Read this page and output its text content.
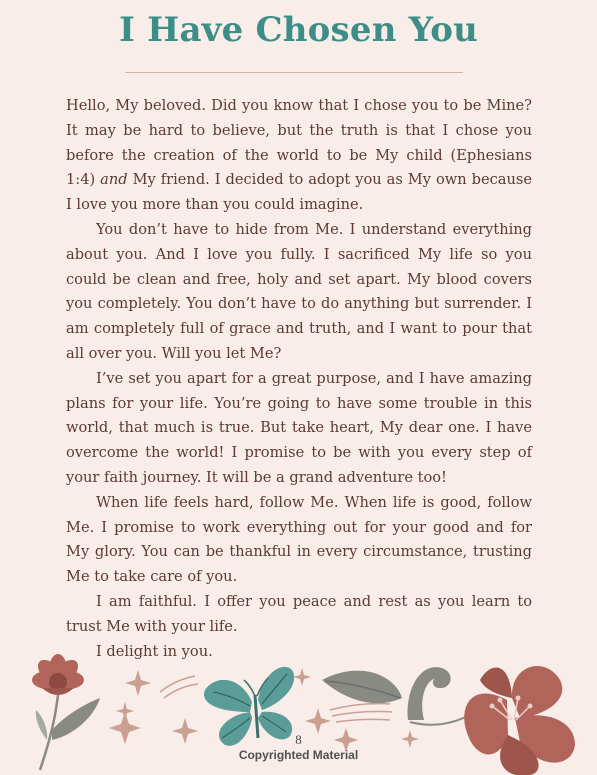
I Have Chosen You

Hello, My beloved. Did you know that I chose you to be Mine? It may be hard to believe, but the truth is that I chose you before the creation of the world to be My child (Ephesians 1:4) and My friend. I decided to adopt you as My own because I love you more than you could imagine.

You don’t have to hide from Me. I understand everything about you. And I love you fully. I sacrificed My life so you could be clean and free, holy and set apart. My blood covers you completely. You don’t have to do anything but surrender. I am completely full of grace and truth, and I want to pour that all over you. Will you let Me?

I’ve set you apart for a great purpose, and I have amazing plans for your life. You’re going to have some trouble in this world, that much is true. But take heart, My dear one. I have overcome the world! I promise to be with you every step of your faith journey. It will be a grand adventure too!

When life feels hard, follow Me. When life is good, follow Me. I promise to work everything out for your good and for My glory. You can be thankful in every circumstance, trusting Me to take care of you.

I am faithful. I offer you peace and rest as you learn to trust Me with your life.

I delight in you.

8
Copyrighted Material
